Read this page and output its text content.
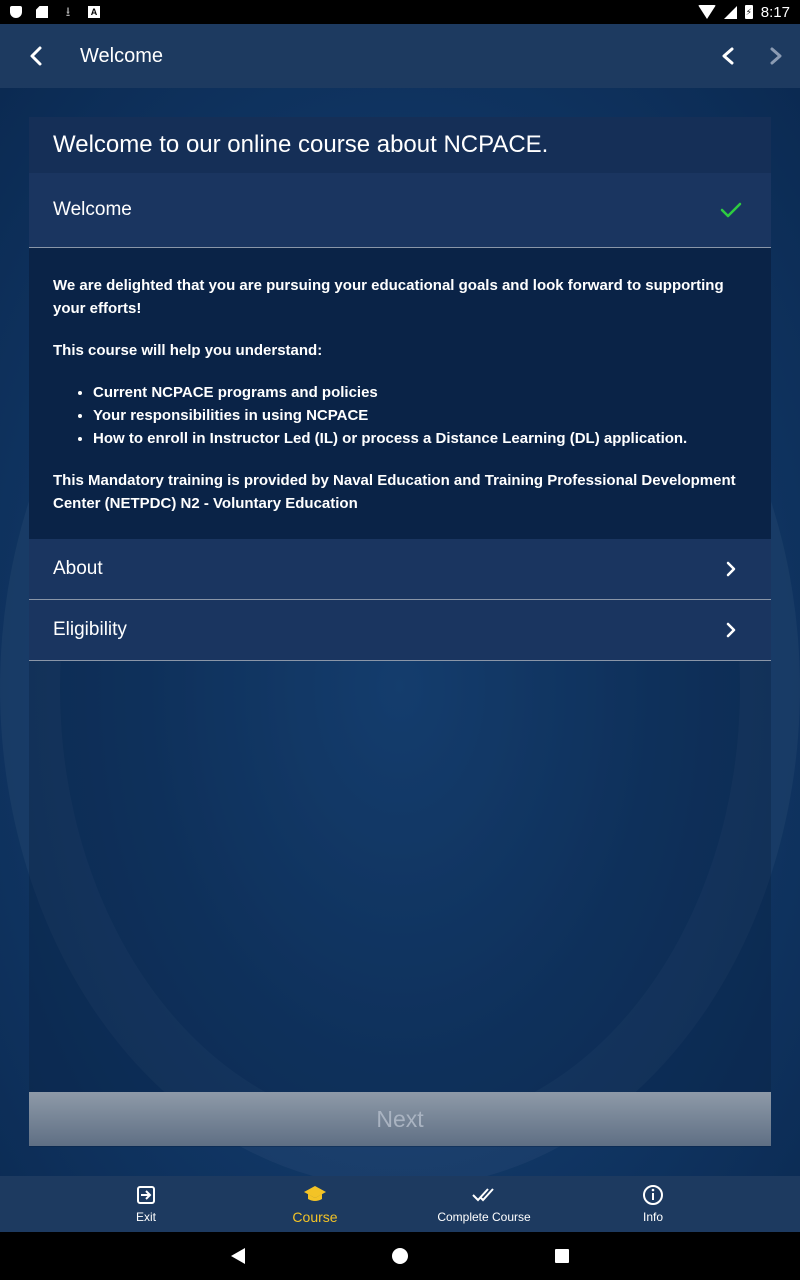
⭳	A	⚡ 8:17
Welcome
Welcome to our online course about NCPACE.
Welcome

We are delighted that you are pursuing your educational goals and look forward to supporting your efforts!

This course will help you understand:

• Current NCPACE programs and policies
• Your responsibilities in using NCPACE
• How to enroll in Instructor Led (IL) or process a Distance Learning (DL) application.

This Mandatory training is provided by Naval Education and Training Professional Development Center (NETPDC) N2 - Voluntary Education

About
Eligibility
Next
Exit	Course	Complete Course	Info
